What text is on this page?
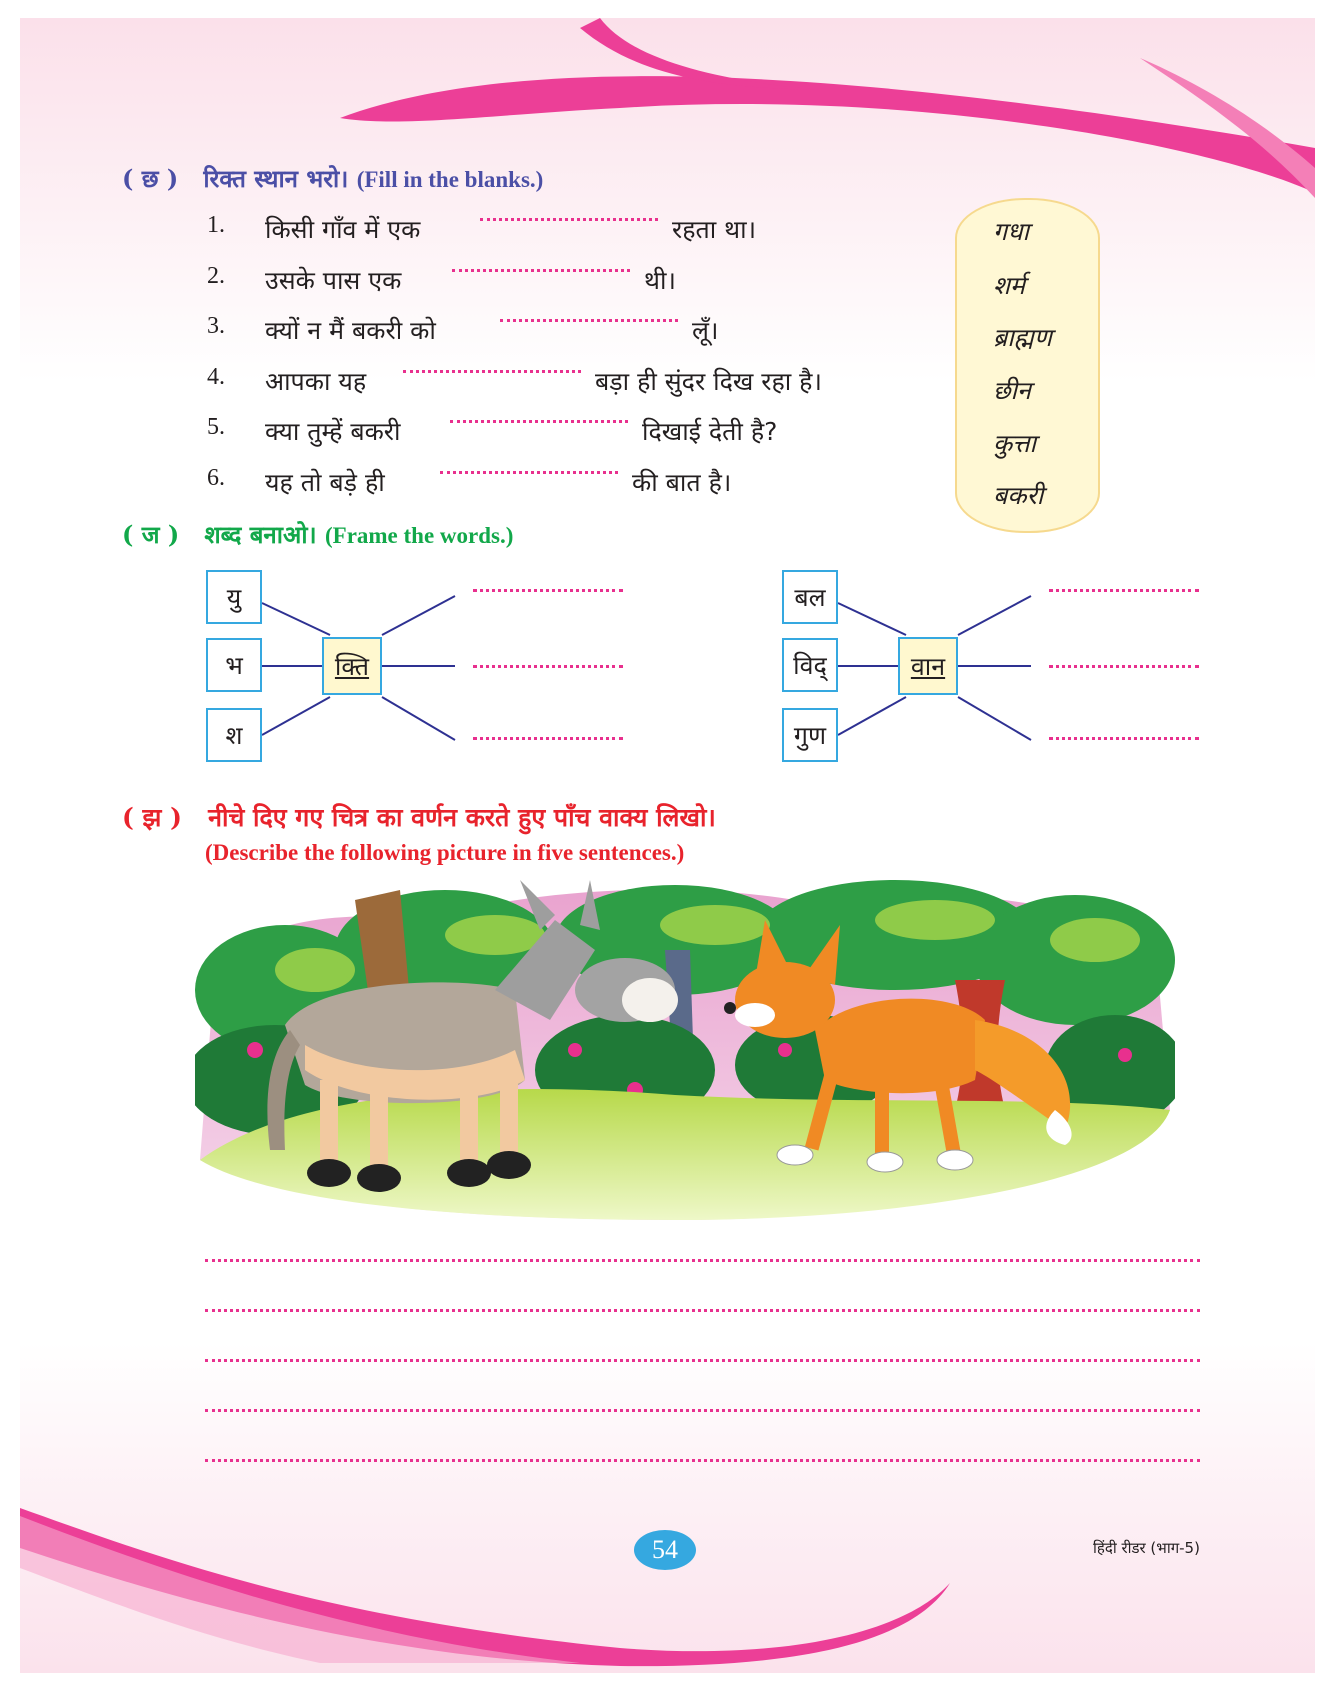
( छ ) रिक्त स्थान भरो। (Fill in the blanks.)
1. किसी गाँव में एक	रहता था।
2. उसके पास एक	थी।
3. क्यों न मैं बकरी को	लूँ।
4. आपका यह	बड़ा ही सुंदर दिख रहा है।
5. क्या तुम्हें बकरी	दिखाई देती है?
6. यह तो बड़े ही	की बात है।
गधा
शर्म
ब्राह्मण
छीन
कुत्ता
बकरी
( ज ) शब्द बनाओ। (Frame the words.)
यु
भ
श
क्ति
बल
विद्
गुण
वान
( झ ) नीचे दिए गए चित्र का वर्णन करते हुए पाँच वाक्य लिखो।
(Describe the following picture in five sentences.)
54	हिंदी रीडर (भाग-5)
